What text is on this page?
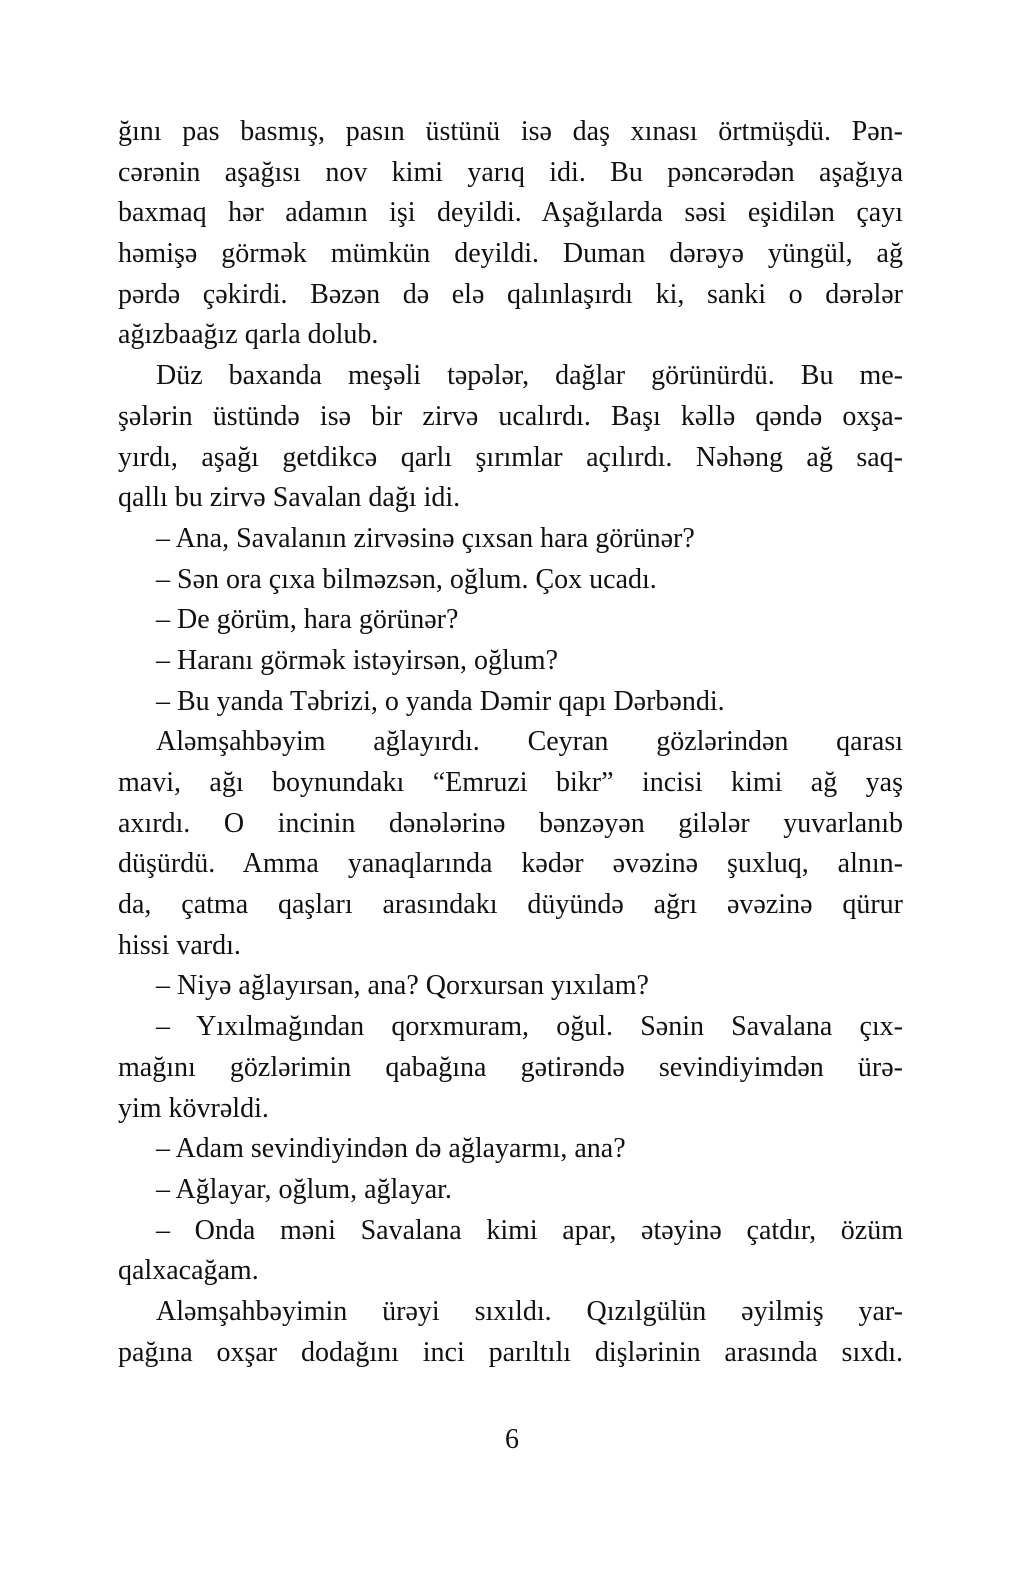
ğını pas basmış, pasın üstünü isə daş xınası örtmüşdü. Pən-
cərənin aşağısı nov kimi yarıq idi. Bu pəncərədən aşağıya
baxmaq hər adamın işi deyildi. Aşağılarda səsi eşidilən çayı
həmişə görmək mümkün deyildi. Duman dərəyə yüngül, ağ
pərdə çəkirdi. Bəzən də elə qalınlaşırdı ki, sanki o dərələr
ağızbaağız qarla dolub.
Düz baxanda meşəli təpələr, dağlar görünürdü. Bu me-
şələrin üstündə isə bir zirvə ucalırdı. Başı kəllə qəndə oxşa-
yırdı, aşağı getdikcə qarlı şırımlar açılırdı. Nəhəng ağ saq-
qallı bu zirvə Savalan dağı idi.
– Ana, Savalanın zirvəsinə çıxsan hara görünər?
– Sən ora çıxa bilməzsən, oğlum. Çox ucadı.
– De görüm, hara görünər?
– Haranı görmək istəyirsən, oğlum?
– Bu yanda Təbrizi, o yanda Dəmir qapı Dərbəndi.
Aləmşahbəyim ağlayırdı. Ceyran gözlərindən qarası
mavi, ağı boynundakı “Emruzi bikr” incisi kimi ağ yaş
axırdı. O incinin dənələrinə bənzəyən gilələr yuvarlanıb
düşürdü. Amma yanaqlarında kədər əvəzinə şuxluq, alnın-
da, çatma qaşları arasındakı düyündə ağrı əvəzinə qürur
hissi vardı.
– Niyə ağlayırsan, ana? Qorxursan yıxılam?
– Yıxılmağından qorxmuram, oğul. Sənin Savalana çıx-
mağını gözlərimin qabağına gətirəndə sevindiyimdən ürə-
yim kövrəldi.
– Adam sevindiyindən də ağlayarmı, ana?
– Ağlayar, oğlum, ağlayar.
– Onda məni Savalana kimi apar, ətəyinə çatdır, özüm
qalxacağam.
Aləmşahbəyimin ürəyi sıxıldı. Qızılgülün əyilmiş yar-
pağına oxşar dodağını inci parıltılı dişlərinin arasında sıxdı.
6
